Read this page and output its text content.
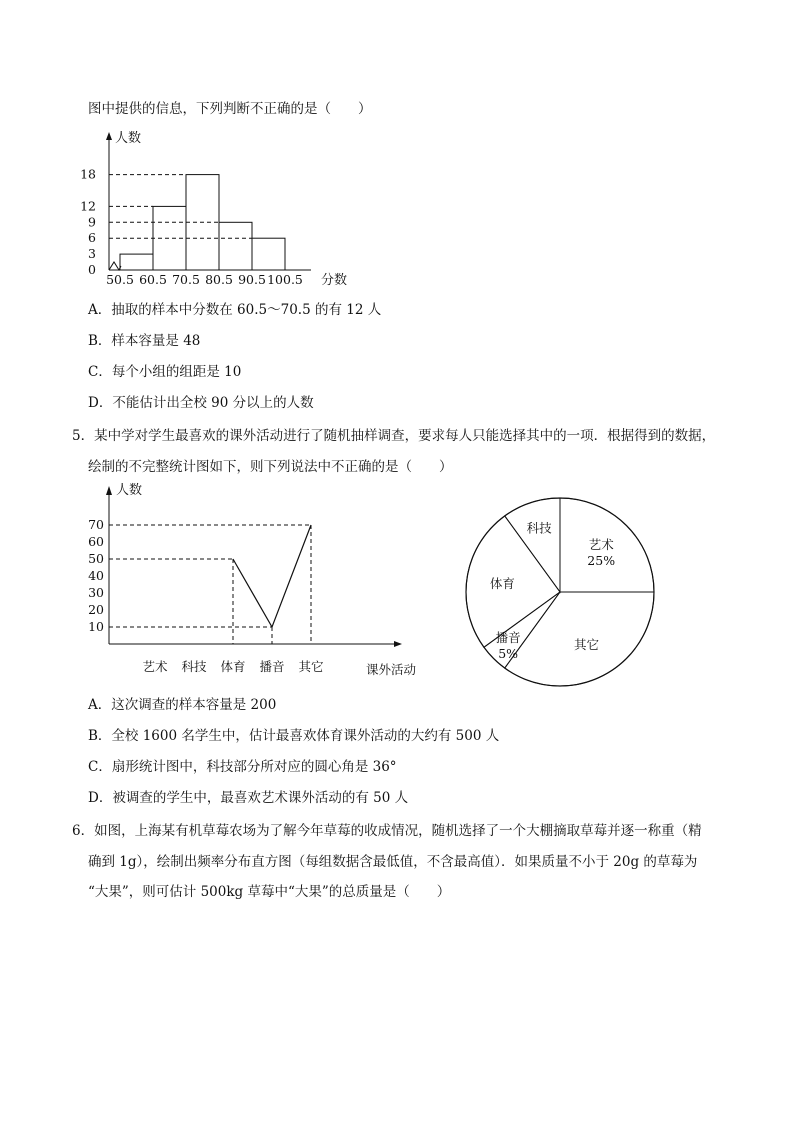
图中提供的信息，下列判断不正确的是（　　）
人数
分数
0
3
6
9
12
18
50.5 60.5 70.5 80.5 90.5 100.5
A．抽取的样本中分数在 60.5～70.5 的有 12 人
B．样本容量是 48
C．每个小组的组距是 10
D．不能估计出全校 90 分以上的人数
5．某中学对学生最喜欢的课外活动进行了随机抽样调查，要求每人只能选择其中的一项．根据得到的数据，
绘制的不完整统计图如下，则下列说法中不正确的是（　　）
人数
课外活动
10
20
30
40
50
60
70
艺术 科技 体育 播音 其它
艺术
25%
其它
播音
5%
体育
科技
A．这次调查的样本容量是 200
B．全校 1600 名学生中，估计最喜欢体育课外活动的大约有 500 人
C．扇形统计图中，科技部分所对应的圆心角是 36°
D．被调查的学生中，最喜欢艺术课外活动的有 50 人
6．如图，上海某有机草莓农场为了解今年草莓的收成情况，随机选择了一个大棚摘取草莓并逐一称重（精
确到 1g），绘制出频率分布直方图（每组数据含最低值，不含最高值）．如果质量不小于 20g 的草莓为
“大果”，则可估计 500kg 草莓中“大果”的总质量是（　　）
